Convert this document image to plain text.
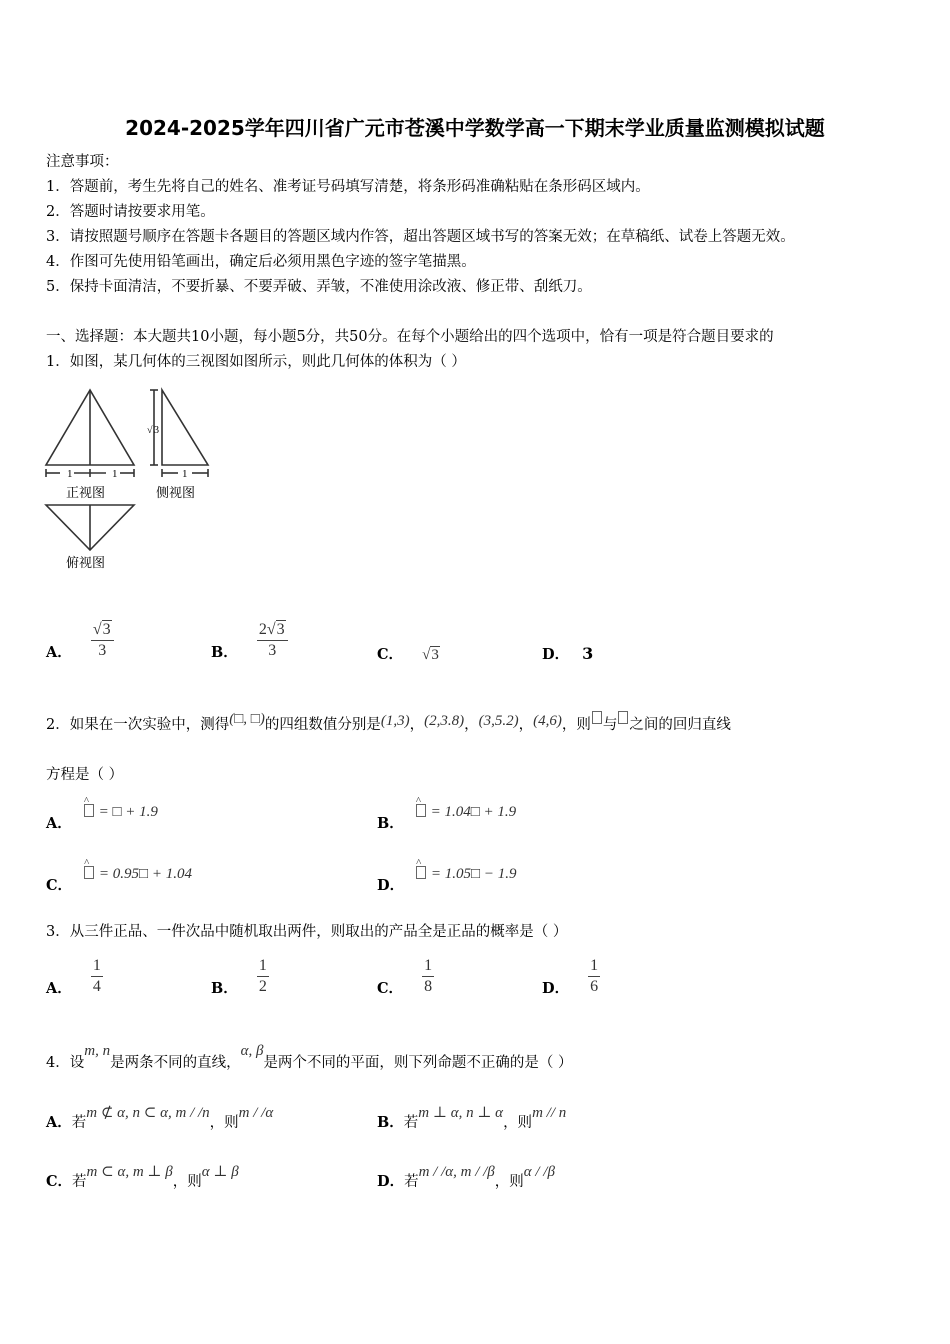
2024-2025学年四川省广元市苍溪中学数学高一下期末学业质量监测模拟试题
注意事项：
1．答题前，考生先将自己的姓名、准考证号码填写清楚，将条形码准确粘贴在条形码区域内。
2．答题时请按要求用笔。
3．请按照题号顺序在答题卡各题目的答题区域内作答，超出答题区域书写的答案无效；在草稿纸、试卷上答题无效。
4．作图可先使用铅笔画出，确定后必须用黑色字迹的签字笔描黑。
5．保持卡面清洁，不要折暴、不要弄破、弄皱，不准使用涂改液、修正带、刮纸刀。
一、选择题：本大题共10小题，每小题5分，共50分。在每个小题给出的四个选项中，恰有一项是符合题目要求的
1．如图，某几何体的三视图如图所示，则此几何体的体积为（ ）
1	1
正视图
√ 3
1
侧视图
俯视图
A． $\frac{√3}{3}$	B． $\frac{2√3}{3}$	C． √3	D． 3
2．如果在一次实验中，测得(□, □)的四组数值分别是(1,3)，(2,3.8)，(3,5.2)，(4,6)，则 与 之间的回归直线
方程是（ ）
A．
^
= □ + 1.9
B．
^
= 1.04□ + 1.9
C．
^
= 0.95□ + 1.04
D．
^
= 1.05□ − 1.9
3．从三件正品、一件次品中随机取出两件，则取出的产品全是正品的概率是（ ）
A． $\frac{1}{4}$	B． $\frac{1}{2}$	C． $\frac{1}{8}$	D． $\frac{1}{6}$
4．设m, n是两条不同的直线，α, β是两个不同的平面，则下列命题不正确的是（ ）
A．若m ⊄ α, n ⊂ α, m / /n，则m / /α
B．若m ⊥ α, n ⊥ α，则m // n
C．若m ⊂ α, m ⊥ β，则α ⊥ β
D．若m / /α, m / /β，则α / /β
